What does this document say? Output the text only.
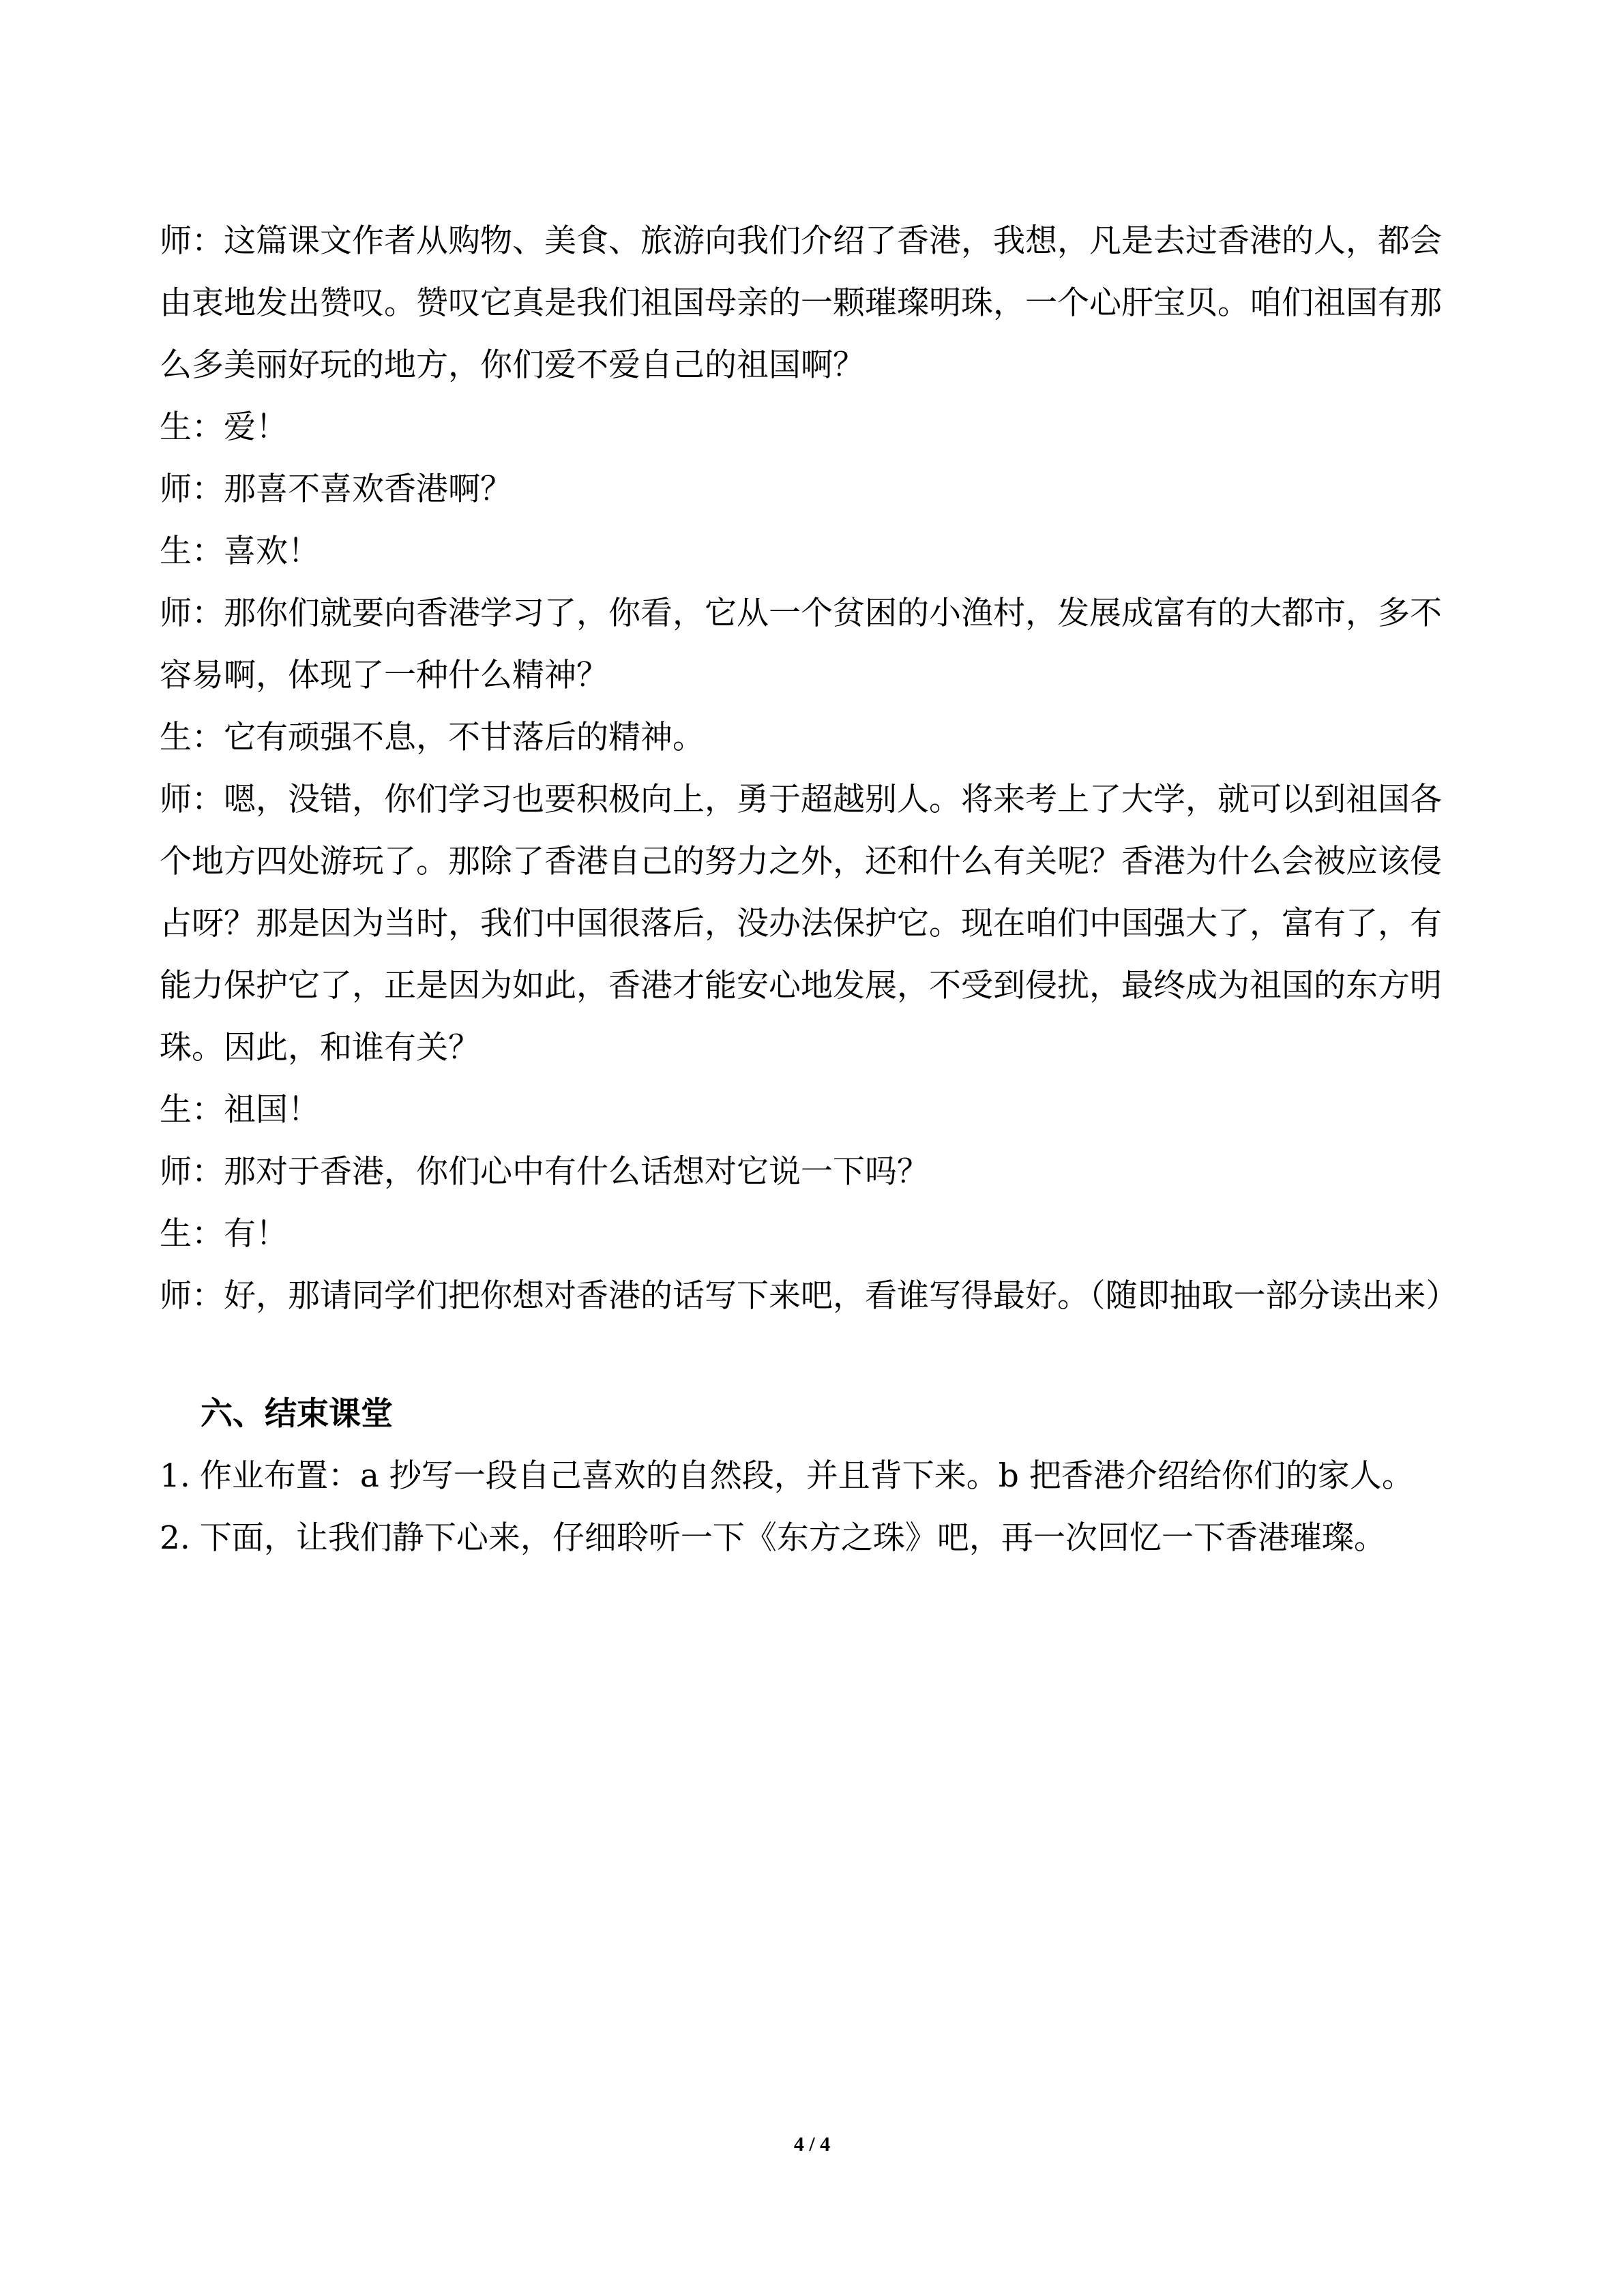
师：这篇课文作者从购物、美食、旅游向我们介绍了香港，我想，凡是去过香港的人，都会由衷地发出赞叹。赞叹它真是我们祖国母亲的一颗璀璨明珠，一个心肝宝贝。咱们祖国有那么多美丽好玩的地方，你们爱不爱自己的祖国啊？

生：爱！

师：那喜不喜欢香港啊？

生：喜欢！

师：那你们就要向香港学习了，你看，它从一个贫困的小渔村，发展成富有的大都市，多不容易啊，体现了一种什么精神？

生：它有顽强不息，不甘落后的精神。

师：嗯，没错，你们学习也要积极向上，勇于超越别人。将来考上了大学，就可以到祖国各个地方四处游玩了。那除了香港自己的努力之外，还和什么有关呢？香港为什么会被应该侵占呀？那是因为当时，我们中国很落后，没办法保护它。现在咱们中国强大了，富有了，有能力保护它了，正是因为如此，香港才能安心地发展，不受到侵扰，最终成为祖国的东方明珠。因此，和谁有关？

生：祖国！

师：那对于香港，你们心中有什么话想对它说一下吗？

生：有！

师：好，那请同学们把你想对香港的话写下来吧，看谁写得最好。（随即抽取一部分读出来）

六、结束课堂

1. 作业布置：a 抄写一段自己喜欢的自然段，并且背下来。b 把香港介绍给你们的家人。

2. 下面，让我们静下心来，仔细聆听一下《东方之珠》吧，再一次回忆一下香港璀璨。

4 / 4
